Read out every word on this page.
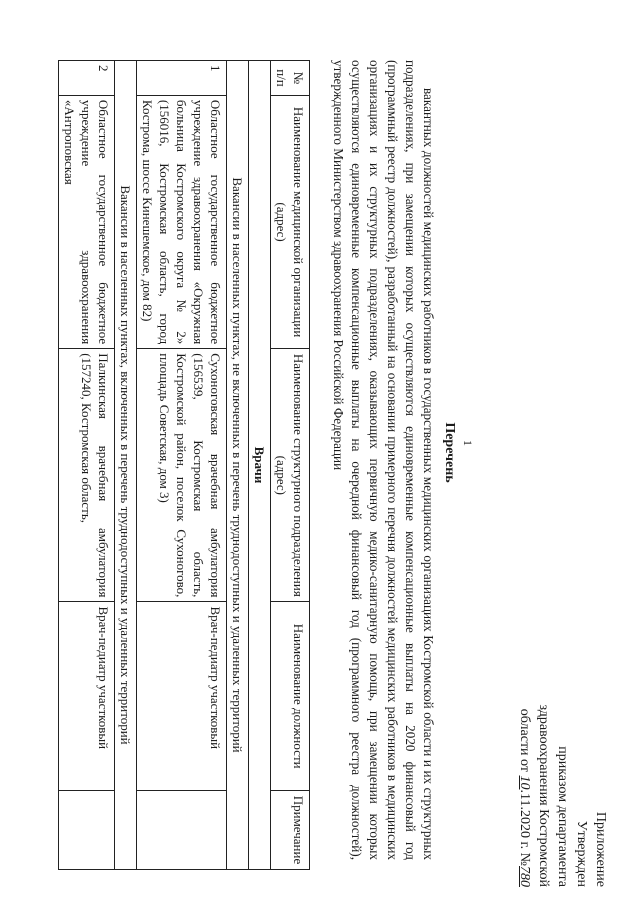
Приложение
Утвержден
приказом департамента
здравоохранения Костромской
области от 10.11.2020 г. №780
1
Перечень
вакантных должностей медицинских работников в государственных медицинских организациях Костромской области и их структурных подразделениях, при замещении которых осуществляются единовременные компенсационные выплаты на 2020 финансовый год (программный реестр должностей), разработанный на основании примерного перечня должностей медицинских работников в медицинских организациях и их структурных подразделениях, оказывающих первичную медико-санитарную помощь, при замещении которых осуществляются единовременные компенсационные выплаты на очередной финансовый год (программного реестра должностей), утвержденного Министерством здравоохранения Российской Федерации
№ п/п	Наименование медицинской организации (адрес)	Наименование структурного подразделения (адрес)	Наименование должности	Примечание
Врачи				
Вакансии в населенных пунктах, не включенных в перечень труднодоступных и удаленных территорий				
1	Областное государственное бюджетное учреждение здравоохранения «Окружная больница Костромского округа № 2» (156016, Костромская область, город Кострома, шоссе Кинешемское, дом 82)	Сухоноговская врачебная амбулатория (156539, Костромская область, Костромской район, поселок Сухоногово, площадь Советская, дом 3)	Врач-педиатр участковый	
Вакансии в населенных пунктах, включенных в перечень труднодоступных и удаленных территорий				
2	Областное государственное бюджетное учреждение здравоохранения «Антроповская	Палкинская врачебная амбулатория (157240, Костромская область,	Врач-педиатр участковый	
